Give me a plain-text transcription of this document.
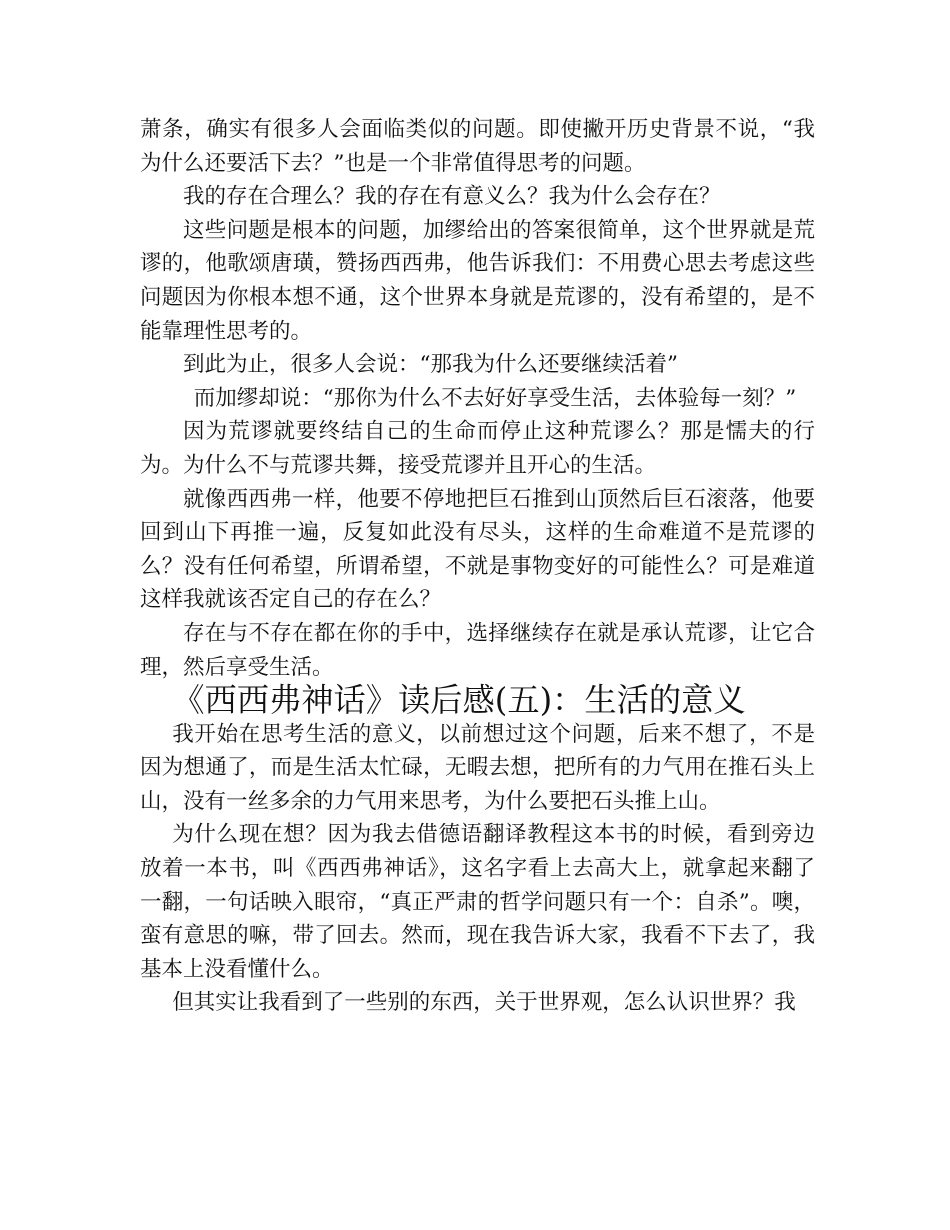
萧条，确实有很多人会面临类似的问题。即使撇开历史背景不说，“我为什么还要活下去？”也是一个非常值得思考的问题。

我的存在合理么？我的存在有意义么？我为什么会存在？

这些问题是根本的问题，加缪给出的答案很简单，这个世界就是荒谬的，他歌颂唐璜，赞扬西西弗，他告诉我们：不用费心思去考虑这些问题因为你根本想不通，这个世界本身就是荒谬的，没有希望的，是不能靠理性思考的。

到此为止，很多人会说：“那我为什么还要继续活着”

而加缪却说：“那你为什么不去好好享受生活，去体验每一刻？”

因为荒谬就要终结自己的生命而停止这种荒谬么？那是懦夫的行为。为什么不与荒谬共舞，接受荒谬并且开心的生活。

就像西西弗一样，他要不停地把巨石推到山顶然后巨石滚落，他要回到山下再推一遍，反复如此没有尽头，这样的生命难道不是荒谬的么？没有任何希望，所谓希望，不就是事物变好的可能性么？可是难道这样我就该否定自己的存在么？

存在与不存在都在你的手中，选择继续存在就是承认荒谬，让它合理，然后享受生活。

《西西弗神话》读后感(五)：生活的意义

我开始在思考生活的意义，以前想过这个问题，后来不想了，不是因为想通了，而是生活太忙碌，无暇去想，把所有的力气用在推石头上山，没有一丝多余的力气用来思考，为什么要把石头推上山。

为什么现在想？因为我去借德语翻译教程这本书的时候，看到旁边放着一本书，叫《西西弗神话》，这名字看上去高大上，就拿起来翻了一翻，一句话映入眼帘，“真正严肃的哲学问题只有一个：自杀”。噢，蛮有意思的嘛，带了回去。然而，现在我告诉大家，我看不下去了，我基本上没看懂什么。

但其实让我看到了一些别的东西，关于世界观，怎么认识世界？我
